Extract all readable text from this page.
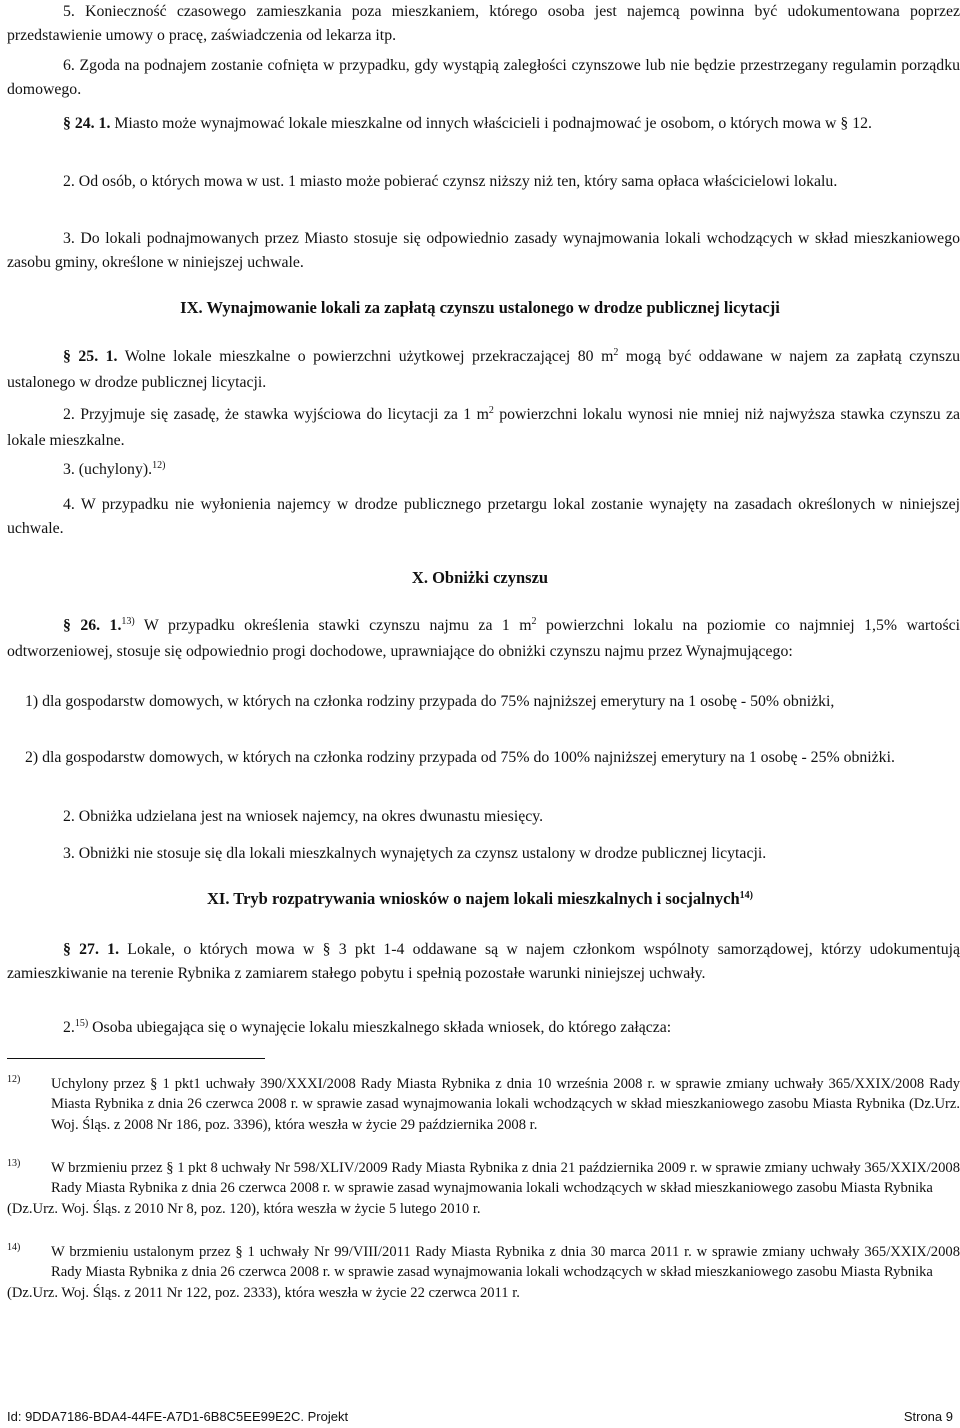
5. Konieczność czasowego zamieszkania poza mieszkaniem, którego osoba jest najemcą powinna być udokumentowana poprzez przedstawienie umowy o pracę, zaświadczenia od lekarza itp.

6. Zgoda na podnajem zostanie cofnięta w przypadku, gdy wystąpią zaległości czynszowe lub nie będzie przestrzegany regulamin porządku domowego.

§ 24. 1. Miasto może wynajmować lokale mieszkalne od innych właścicieli i podnajmować je osobom, o których mowa w § 12.

2. Od osób, o których mowa w ust. 1 miasto może pobierać czynsz niższy niż ten, który sama opłaca właścicielowi lokalu.

3. Do lokali podnajmowanych przez Miasto stosuje się odpowiednio zasady wynajmowania lokali wchodzących w skład mieszkaniowego zasobu gminy, określone w niniejszej uchwale.

IX. Wynajmowanie lokali za zapłatą czynszu ustalonego w drodze publicznej licytacji

§ 25. 1. Wolne lokale mieszkalne o powierzchni użytkowej przekraczającej 80 $m^2$ mogą być oddawane w najem za zapłatą czynszu ustalonego w drodze publicznej licytacji.

2. Przyjmuje się zasadę, że stawka wyjściowa do licytacji za 1 $m^2$ powierzchni lokalu wynosi nie mniej niż najwyższa stawka czynszu za lokale mieszkalne.

3. (uchylony).$^{12)}$

4. W przypadku nie wyłonienia najemcy w drodze publicznego przetargu lokal zostanie wynajęty na zasadach określonych w niniejszej uchwale.

X. Obniżki czynszu

§ 26. 1.$^{13)}$ W przypadku określenia stawki czynszu najmu za 1 $m^2$ powierzchni lokalu na poziomie co najmniej 1,5% wartości odtworzeniowej, stosuje się odpowiednio progi dochodowe, uprawniające do obniżki czynszu najmu przez Wynajmującego:

1) dla gospodarstw domowych, w których na członka rodziny przypada do 75% najniższej emerytury na 1 osobę - 50% obniżki,

2) dla gospodarstw domowych, w których na członka rodziny przypada od 75% do 100% najniższej emerytury na 1 osobę - 25% obniżki.

2. Obniżka udzielana jest na wniosek najemcy, na okres dwunastu miesięcy.

3. Obniżki nie stosuje się dla lokali mieszkalnych wynajętych za czynsz ustalony w drodze publicznej licytacji.

XI. Tryb rozpatrywania wniosków o najem lokali mieszkalnych i socjalnych$^{14)}$

§ 27. 1. Lokale, o których mowa w § 3 pkt 1-4 oddawane są w najem członkom wspólnoty samorządowej, którzy udokumentują zamieszkiwanie na terenie Rybnika z zamiarem stałego pobytu i spełnią pozostałe warunki niniejszej uchwały.

2.$^{15)}$ Osoba ubiegająca się o wynajęcie lokalu mieszkalnego składa wniosek, do którego załącza:

12) Uchylony przez § 1 pkt1 uchwały 390/XXXI/2008 Rady Miasta Rybnika z dnia 10 września 2008 r. w sprawie zmiany uchwały 365/XXIX/2008 Rady Miasta Rybnika z dnia 26 czerwca 2008 r. w sprawie zasad wynajmowania lokali wchodzących w skład mieszkaniowego zasobu Miasta Rybnika (Dz.Urz. Woj. Śląs. z 2008 Nr 186, poz. 3396), która weszła w życie 29 października 2008 r.

13) W brzmieniu przez § 1 pkt 8 uchwały Nr 598/XLIV/2009 Rady Miasta Rybnika z dnia 21 października 2009 r. w sprawie zmiany uchwały 365/XXIX/2008 Rady Miasta Rybnika z dnia 26 czerwca 2008 r. w sprawie zasad wynajmowania lokali wchodzących w skład mieszkaniowego zasobu Miasta Rybnika
(Dz.Urz. Woj. Śląs. z 2010 Nr 8, poz. 120), która weszła w życie 5 lutego 2010 r.

14) W brzmieniu ustalonym przez § 1 uchwały Nr 99/VIII/2011 Rady Miasta Rybnika z dnia 30 marca 2011 r. w sprawie zmiany uchwały 365/XXIX/2008 Rady Miasta Rybnika z dnia 26 czerwca 2008 r. w sprawie zasad wynajmowania lokali wchodzących w skład mieszkaniowego zasobu Miasta Rybnika
(Dz.Urz. Woj. Śląs. z 2011 Nr 122, poz. 2333), która weszła w życie 22 czerwca 2011 r.

Id: 9DDA7186-BDA4-44FE-A7D1-6B8C5EE99E2C. Projekt	Strona 9
